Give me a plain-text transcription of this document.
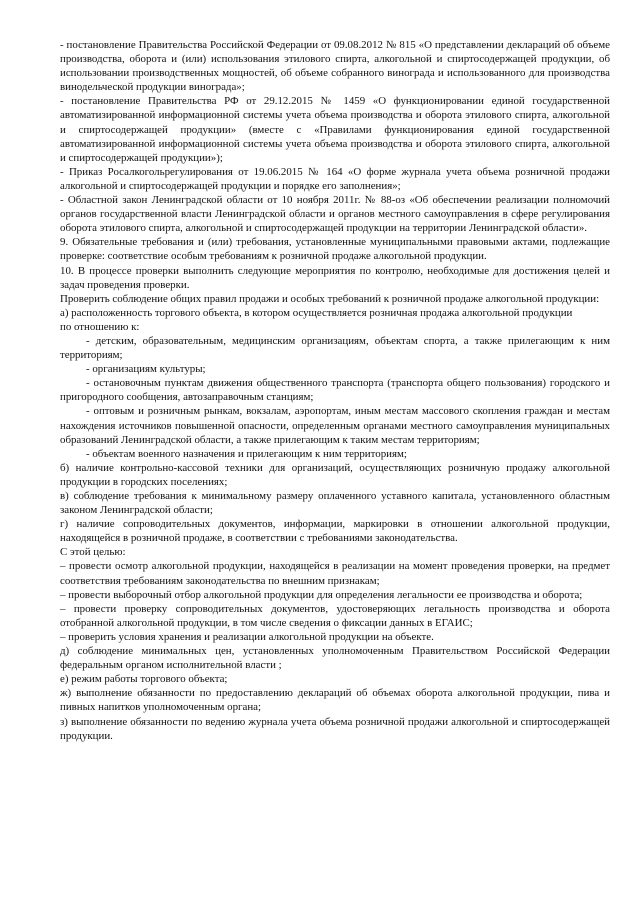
- постановление Правительства Российской Федерации от 09.08.2012 № 815 «О представлении деклараций об объеме производства, оборота и (или) использования этилового спирта, алкогольной и спиртосодержащей продукции, об использовании производственных мощностей, об объеме собранного винограда и использованного для производства винодельческой продукции винограда»;

- постановление Правительства РФ от 29.12.2015 № 1459 «О функционировании единой государственной автоматизированной информационной системы учета объема производства и оборота этилового спирта, алкогольной и спиртосодержащей продукции» (вместе с «Правилами функционирования единой государственной автоматизированной информационной системы учета объема производства и оборота этилового спирта, алкогольной и спиртосодержащей продукции»);

- Приказ Росалкогольрегулирования от 19.06.2015 № 164 «О форме журнала учета объема розничной продажи алкогольной и спиртосодержащей продукции и порядке его заполнения»;

- Областной закон Ленинградской области от 10 ноября 2011г. № 88-оз «Об обеспечении реализации полномочий органов государственной власти Ленинградской области и органов местного самоуправления в сфере регулирования оборота этилового спирта, алкогольной и спиртосодержащей продукции на территории Ленинградской области».

9. Обязательные требования и (или) требования, установленные муниципальными правовыми актами, подлежащие проверке: соответствие особым требованиям к розничной продаже алкогольной продукции.

10. В процессе проверки выполнить следующие мероприятия по контролю, необходимые для достижения целей и задач проведения проверки.

Проверить соблюдение общих правил продажи и особых требований к розничной продаже алкогольной продукции:

а) расположенность торгового объекта, в котором осуществляется розничная продажа алкогольной продукции

по отношению к:

- детским, образовательным, медицинским организациям, объектам спорта, а также прилегающим к ним территориям;

- организациям культуры;

- остановочным пунктам движения общественного транспорта (транспорта общего пользования) городского и пригородного сообщения, автозаправочным станциям;

- оптовым и розничным рынкам, вокзалам, аэропортам, иным местам массового скопления граждан и местам нахождения источников повышенной опасности, определенным органами местного самоуправления муниципальных образований Ленинградской области, а также прилегающим к таким местам территориям;

- объектам военного назначения и прилегающим к ним территориям;

б) наличие контрольно-кассовой техники для организаций, осуществляющих розничную продажу алкогольной продукции в городских поселениях;

в) соблюдение требования к минимальному размеру оплаченного уставного капитала, установленного областным законом Ленинградской области;

г) наличие сопроводительных документов, информации, маркировки в отношении алкогольной продукции, находящейся в розничной продаже, в соответствии с требованиями законодательства.

С этой целью:

– провести осмотр алкогольной продукции, находящейся в реализации на момент проведения проверки, на предмет соответствия требованиям законодательства по внешним признакам;

– провести выборочный отбор алкогольной продукции для определения легальности ее производства и оборота;

– провести проверку сопроводительных документов, удостоверяющих легальность производства и оборота отобранной алкогольной продукции, в том числе сведения о фиксации данных в ЕГАИС;

– проверить условия хранения и реализации алкогольной продукции на объекте.

д) соблюдение минимальных цен, установленных уполномоченным Правительством Российской Федерации федеральным органом исполнительной власти ;

е) режим работы торгового объекта;

ж) выполнение обязанности по предоставлению деклараций об объемах оборота алкогольной продукции, пива и пивных напитков уполномоченным органа;

з) выполнение обязанности по ведению журнала учета объема розничной продажи алкогольной и спиртосодержащей продукции.
